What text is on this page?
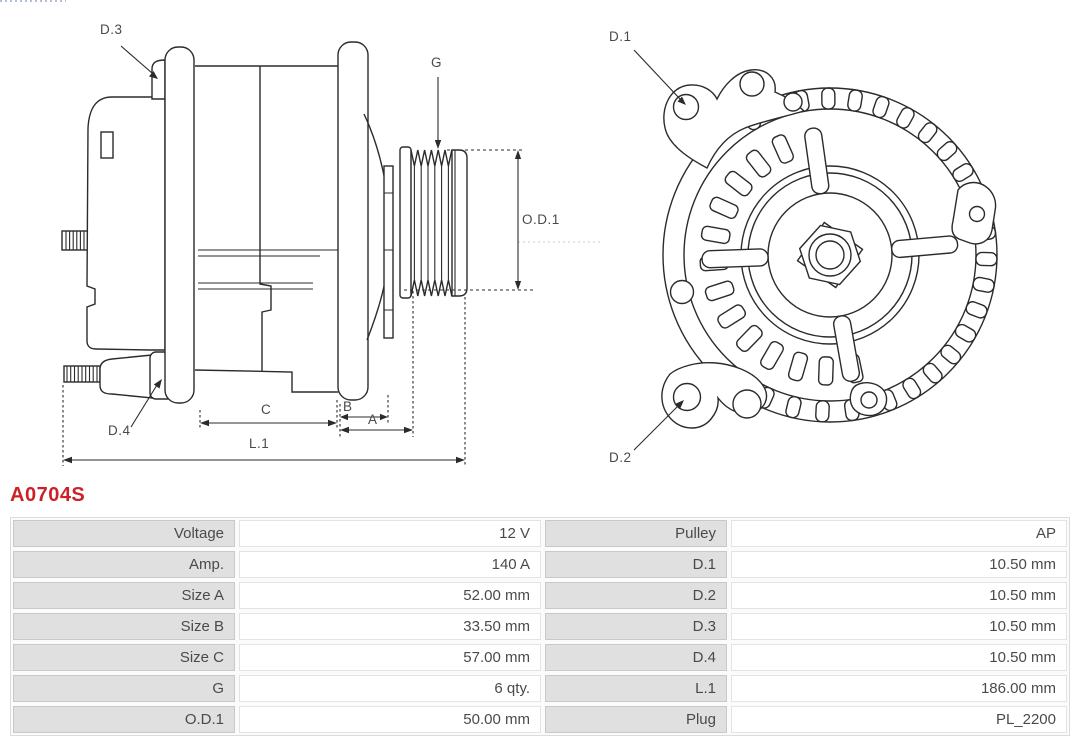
D.3
G
O.D.1
D.4
C	B
A
L.1
D.1
D.2
A0704S
Voltage	12 V	Pulley	AP
Amp.	140 A	D.1	10.50 mm
Size A	52.00 mm	D.2	10.50 mm
Size B	33.50 mm	D.3	10.50 mm
Size C	57.00 mm	D.4	10.50 mm
G	6 qty.	L.1	186.00 mm
O.D.1	50.00 mm	Plug	PL_2200
